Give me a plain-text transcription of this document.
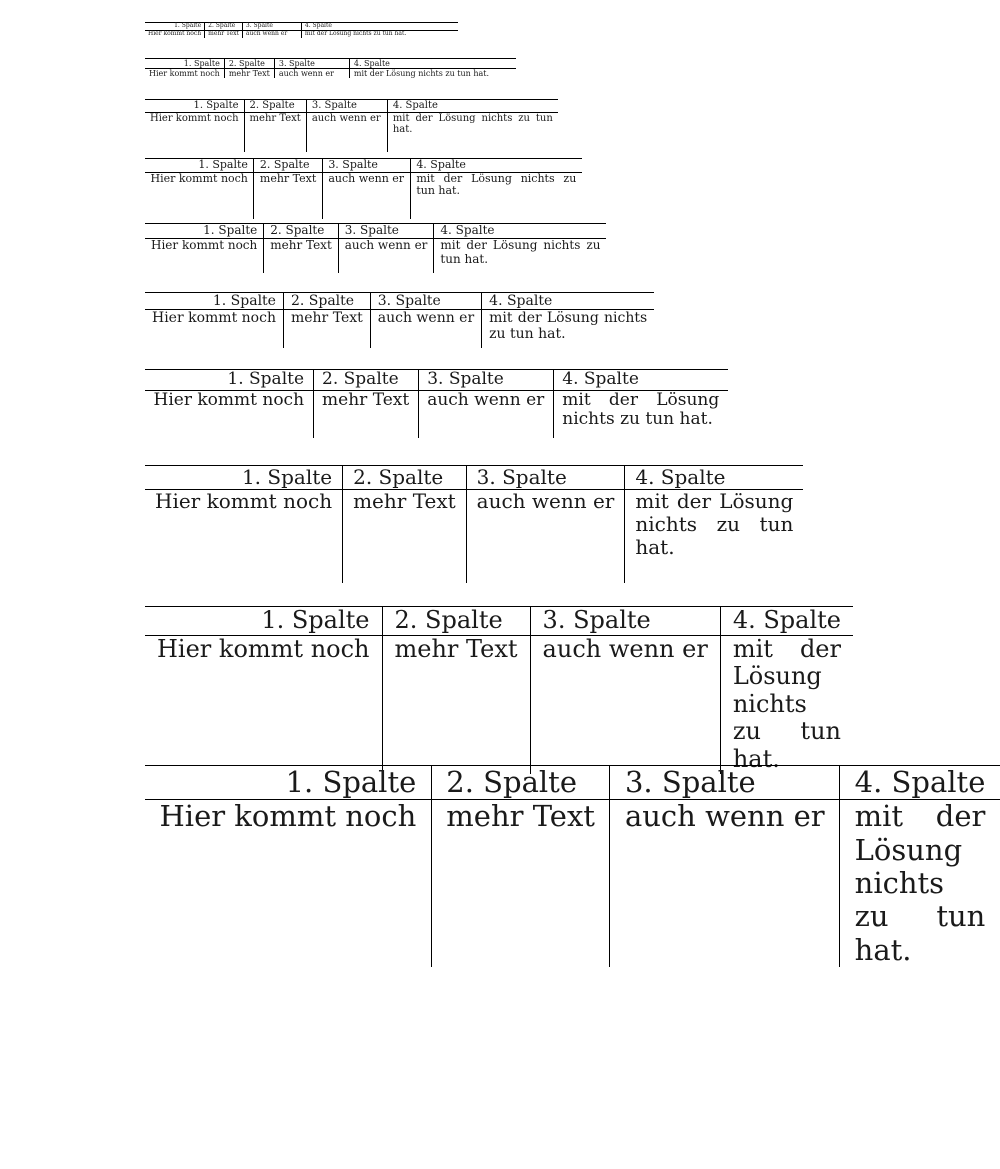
1. Spalte	2. Spalte	3. Spalte	4. Spalte
Hier kommt noch	mehr Text	auch wenn er	mit der Lösung nichts zu tun hat.
1. Spalte	2. Spalte	3. Spalte	4. Spalte
Hier kommt noch	mehr Text	auch wenn er	mit der Lösung nichts zu tun hat.
1. Spalte	2. Spalte	3. Spalte	4. Spalte
Hier kommt noch	mehr Text	auch wenn er	mit der Lösung nichts zu tun hat.
1. Spalte	2. Spalte	3. Spalte	4. Spalte
Hier kommt noch	mehr Text	auch wenn er	mit der Lösung nichts zu tun hat.
1. Spalte	2. Spalte	3. Spalte	4. Spalte
Hier kommt noch	mehr Text	auch wenn er	mit der Lösung nichts zu tun hat.
1. Spalte	2. Spalte	3. Spalte	4. Spalte
Hier kommt noch	mehr Text	auch wenn er	mit der Lösung nichts zu tun hat.
1. Spalte	2. Spalte	3. Spalte	4. Spalte
Hier kommt noch	mehr Text	auch wenn er	mit der Lösung nichts zu tun hat.
1. Spalte	2. Spalte	3. Spalte	4. Spalte
Hier kommt noch	mehr Text	auch wenn er	mit der Lösung nichts zu tun hat.
1. Spalte	2. Spalte	3. Spalte	4. Spalte
Hier kommt noch	mehr Text	auch wenn er	mit der Lösung nichts zu tun hat.
1. Spalte	2. Spalte	3. Spalte	4. Spalte
Hier kommt noch	mehr Text	auch wenn er	mit der Lösung nichts zu tun hat.
